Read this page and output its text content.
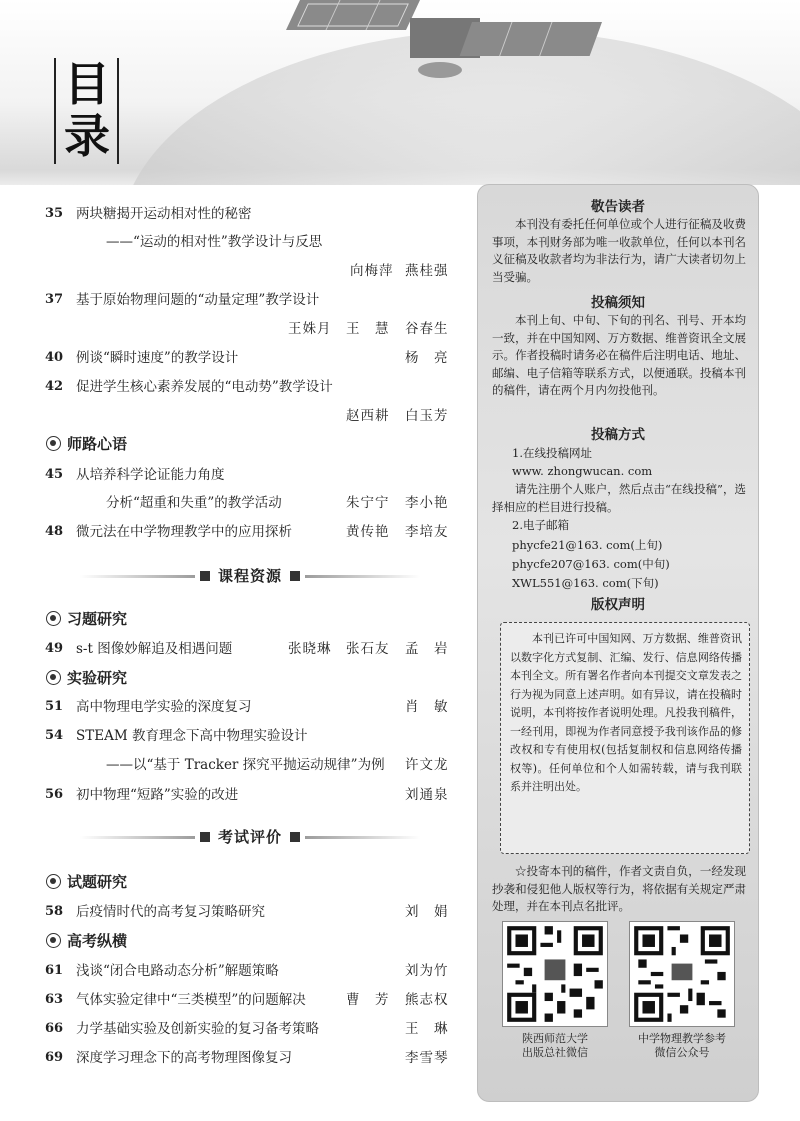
目
录
35 两块糖揭开运动相对性的秘密
——“运动的相对性”教学设计与反思
向梅萍 燕桂强
37 基于原始物理问题的“动量定理”教学设计
王姝月 王　慧 谷春生
40 例谈“瞬时速度”的教学设计	杨　亮
42 促进学生核心素养发展的“电动势”教学设计
赵西耕 白玉芳
师路心语
45 从培养科学论证能力角度
分析“超重和失重”的教学活动	朱宁宁 李小艳
48 微元法在中学物理教学中的应用探析	黄传艳 李培友
课程资源
习题研究
49 s-t 图像妙解追及相遇问题	张晓琳 张石友 孟　岩
实验研究
51 高中物理电学实验的深度复习	肖　敏
54 STEAM 教育理念下高中物理实验设计
——以“基于 Tracker 探究平抛运动规律”为例 许文龙
56 初中物理“短路”实验的改进	刘通泉
考试评价
试题研究
58 后疫情时代的高考复习策略研究	刘　娟
高考纵横
61 浅谈“闭合电路动态分析”解题策略	刘为竹
63 气体实验定律中“三类模型”的问题解决	曹　芳 熊志权
66 力学基础实验及创新实验的复习备考策略	王　琳
69 深度学习理念下的高考物理图像复习	李雪琴
敬告读者
本刊没有委托任何单位或个人进行征稿及收费事项，本刊财务部为唯一收款单位，任何以本刊名义征稿及收款者均为非法行为，请广大读者切勿上当受骗。
投稿须知
本刊上旬、中旬、下旬的刊名、刊号、开本均一致，并在中国知网、万方数据、维普资讯全文展示。作者投稿时请务必在稿件后注明电话、地址、邮编、电子信箱等联系方式，以便通联。投稿本刊的稿件，请在两个月内勿投他刊。
投稿方式
1.在线投稿网址
www. zhongwucan. com
请先注册个人账户，然后点击“在线投稿”，选择相应的栏目进行投稿。
2.电子邮箱
phycfe21@163. com(上旬)
phycfe207@163. com(中旬)
XWL551@163. com(下旬)
版权声明
本刊已许可中国知网、万方数据、维普资讯以数字化方式复制、汇编、发行、信息网络传播本刊全文。所有署名作者向本刊提交文章发表之行为视为同意上述声明。如有异议，请在投稿时说明，本刊将按作者说明处理。凡投我刊稿件，一经刊用，即视为作者同意授予我刊该作品的修改权和专有使用权(包括复制权和信息网络传播权等)。任何单位和个人如需转载，请与我刊联系并注明出处。
☆投寄本刊的稿件，作者文责自负，一经发现抄袭和侵犯他人版权等行为，将依据有关规定严肃处理，并在本刊点名批评。
陕西师范大学
出版总社微信
中学物理教学参考
微信公众号
